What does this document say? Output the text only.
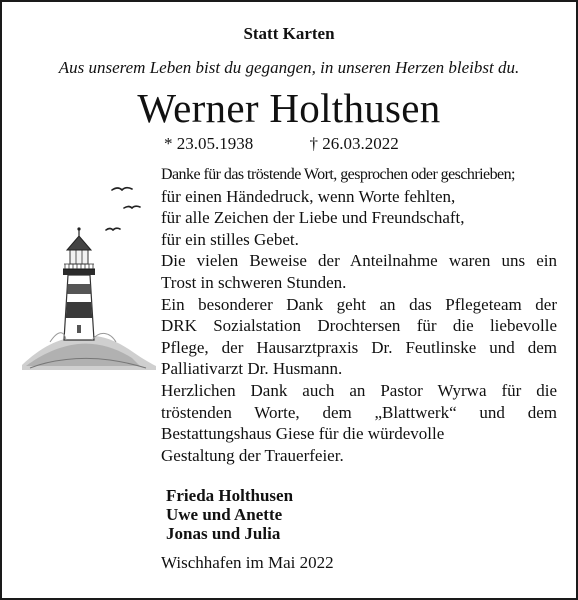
Statt Karten
Aus unserem Leben bist du gegangen, in unseren Herzen bleibst du.
Werner Holthusen
* 23.05.1938	† 26.03.2022
Danke für das tröstende Wort, gesprochen oder geschrieben;
für einen Händedruck, wenn Worte fehlten,
für alle Zeichen der Liebe und Freundschaft,
für ein stilles Gebet.
Die vielen Beweise der Anteilnahme waren uns ein
Trost in schweren Stunden.
Ein besonderer Dank geht an das Pflegeteam der
DRK Sozialstation Drochtersen für die liebevolle
Pflege, der Hausarztpraxis Dr. Feutlinske und dem
Palliativarzt Dr. Husmann.
Herzlichen Dank auch an Pastor Wyrwa für die
tröstenden Worte, dem „Blattwerk“ und dem
Bestattungshaus Giese für die würdevolle
Gestaltung der Trauerfeier.
Frieda Holthusen
Uwe und Anette
Jonas und Julia
Wischhafen im Mai 2022
